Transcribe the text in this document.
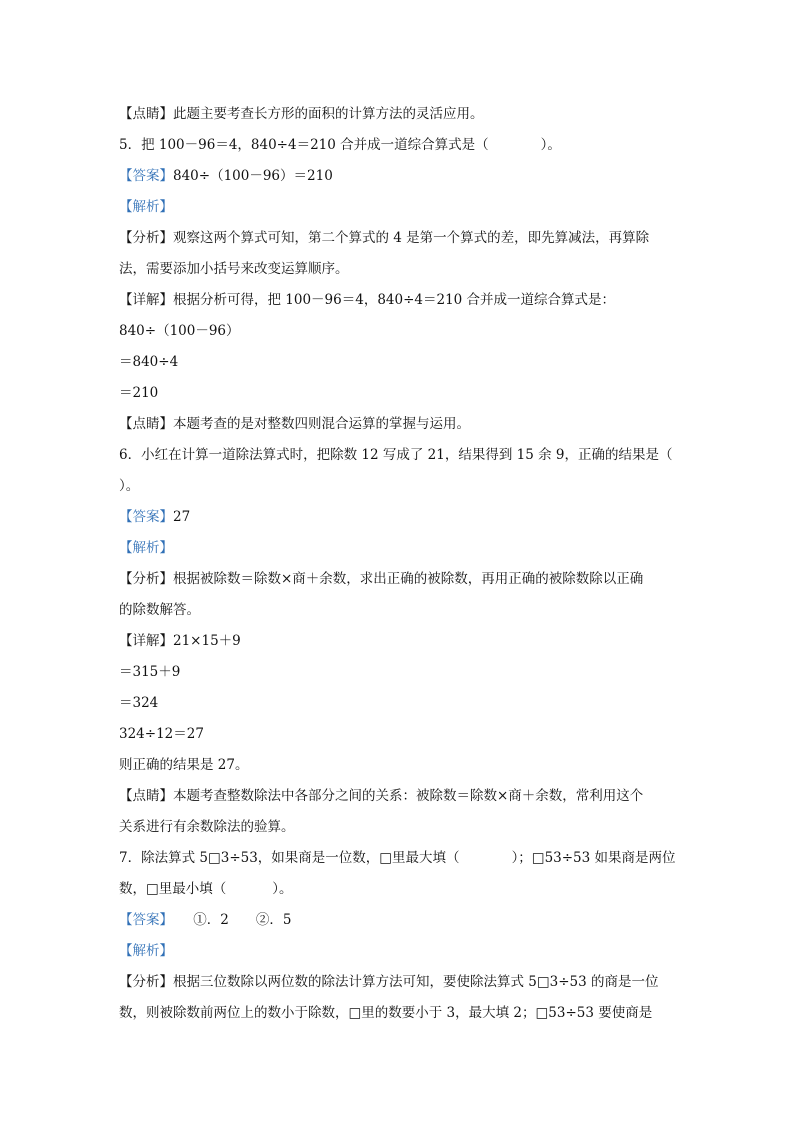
【点睛】此题主要考查长方形的面积的计算方法的灵活应用。
5．把 100－96＝4，840÷4＝210 合并成一道综合算式是（	）。
【答案】840÷（100－96）＝210
【解析】
【分析】观察这两个算式可知，第二个算式的 4 是第一个算式的差，即先算减法，再算除
法，需要添加小括号来改变运算顺序。
【详解】根据分析可得，把 100－96＝4，840÷4＝210 合并成一道综合算式是：
840÷（100－96）
＝840÷4
＝210
【点睛】本题考查的是对整数四则混合运算的掌握与运用。
6．小红在计算一道除法算式时，把除数 12 写成了 21，结果得到 15 余 9，正确的结果是（
）。
【答案】27
【解析】
【分析】根据被除数＝除数×商＋余数，求出正确的被除数，再用正确的被除数除以正确
的除数解答。
【详解】21×15＋9
＝315＋9
＝324
324÷12＝27
则正确的结果是 27。
【点睛】本题考查整数除法中各部分之间的关系：被除数＝除数×商＋余数，常利用这个
关系进行有余数除法的验算。
7．除法算式 5□3÷53，如果商是一位数，□里最大填（	）；□53÷53 如果商是两位
数，□里最小填（	）。
【答案】　　①．2　　②．5
【解析】
【分析】根据三位数除以两位数的除法计算方法可知，要使除法算式 5□3÷53 的商是一位
数，则被除数前两位上的数小于除数，□里的数要小于 3，最大填 2；□53÷53 要使商是
